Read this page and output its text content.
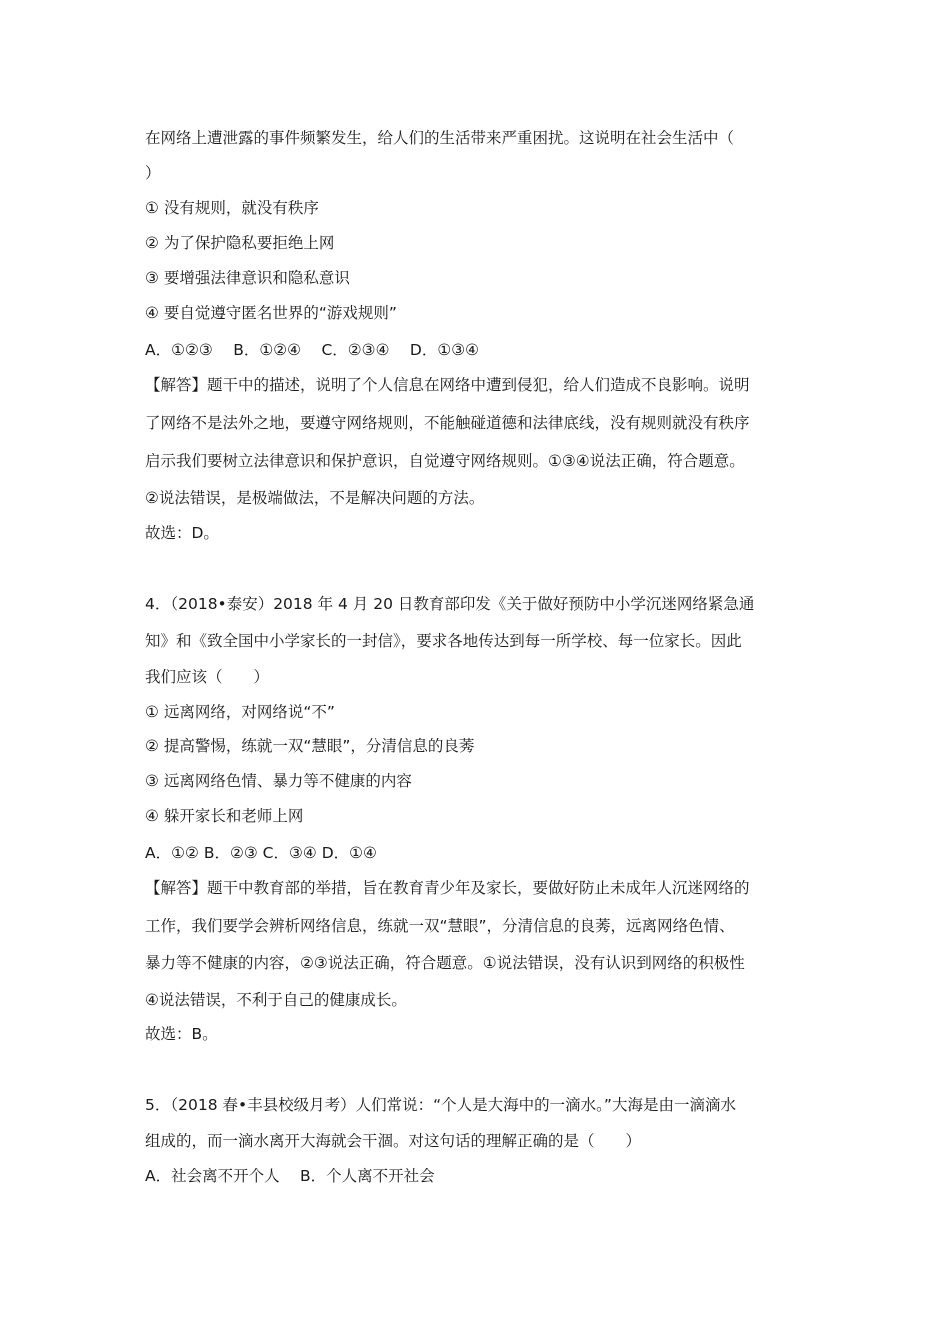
在网络上遭泄露的事件频繁发生，给人们的生活带来严重困扰。这说明在社会生活中（
）
① 没有规则，就没有秩序
② 为了保护隐私要拒绝上网
③ 要增强法律意识和隐私意识
④ 要自觉遵守匿名世界的“游戏规则”
A．①②③　 B．①②④　 C．②③④　 D．①③④
【解答】题干中的描述，说明了个人信息在网络中遭到侵犯，给人们造成不良影响。说明
了网络不是法外之地，要遵守网络规则，不能触碰道德和法律底线，没有规则就没有秩序
启示我们要树立法律意识和保护意识，自觉遵守网络规则。①③④说法正确，符合题意。
②说法错误，是极端做法，不是解决问题的方法。
故选：D。
4．（2018•泰安）2018 年 4 月 20 日教育部印发《关于做好预防中小学沉迷网络紧急通
知》和《致全国中小学家长的一封信》，要求各地传达到每一所学校、每一位家长。因此
我们应该（　　）
① 远离网络，对网络说“不”
② 提高警惕，练就一双“慧眼”，分清信息的良莠
③ 远离网络色情、暴力等不健康的内容
④ 躲开家长和老师上网
A．①② B．②③ C．③④ D．①④
【解答】题干中教育部的举措，旨在教育青少年及家长，要做好防止未成年人沉迷网络的
工作，我们要学会辨析网络信息，练就一双“慧眼”，分清信息的良莠，远离网络色情、
暴力等不健康的内容，②③说法正确，符合题意。①说法错误，没有认识到网络的积极性
④说法错误，不利于自己的健康成长。
故选：B。
5．（2018 春•丰县校级月考）人们常说：“个人是大海中的一滴水。”大海是由一滴滴水
组成的，而一滴水离开大海就会干涸。对这句话的理解正确的是（　　）
A．社会离不开个人　 B．个人离不开社会
